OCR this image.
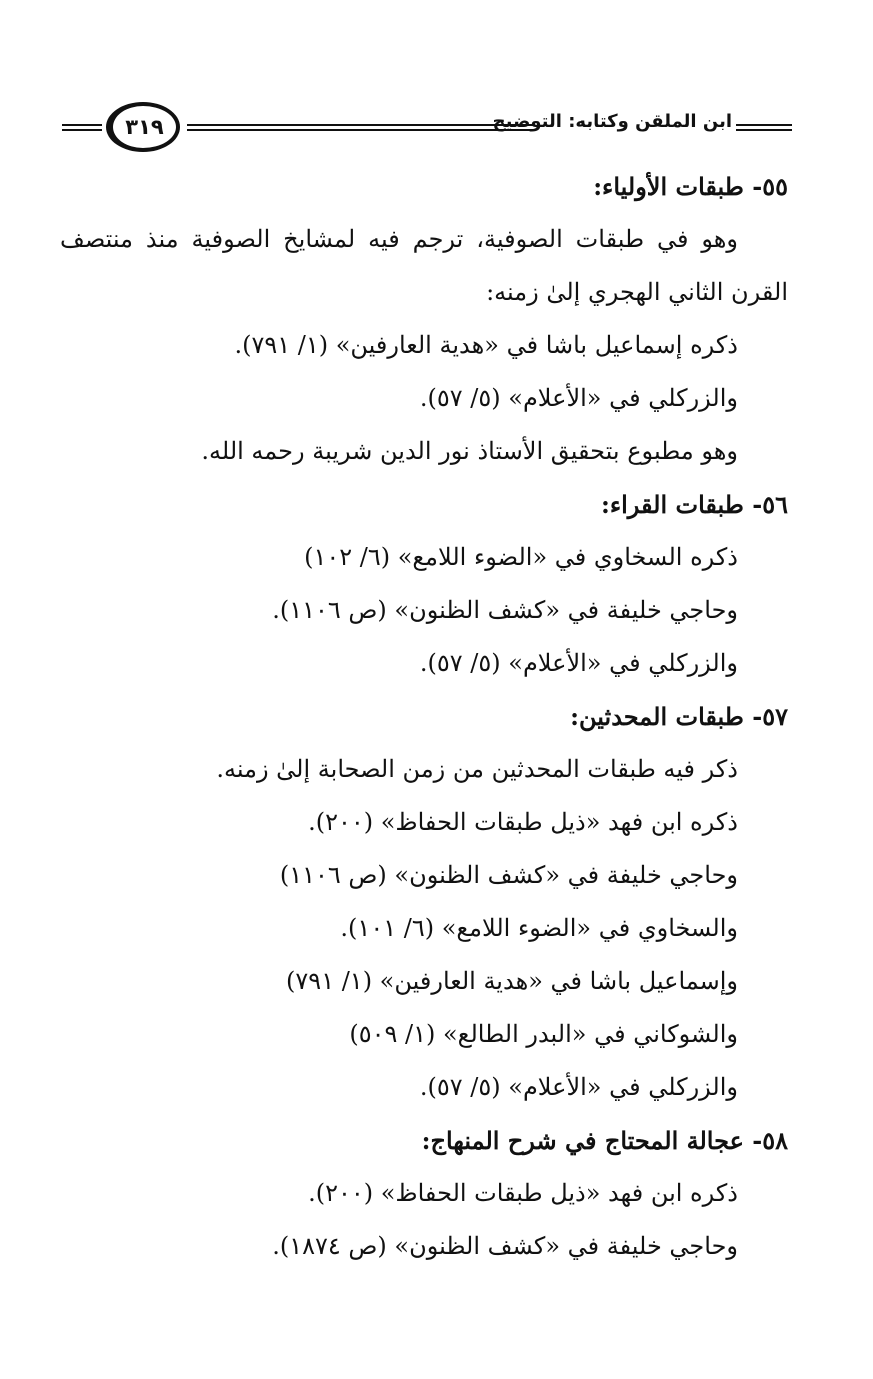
٣١٩	ابن الملقن وكتابه: التوضيح
٥٥- طبقات الأولياء:
وهو في طبقات الصوفية، ترجم فيه لمشايخ الصوفية منذ منتصف
القرن الثاني الهجري إلىٰ زمنه:
ذكره إسماعيل باشا في «هدية العارفين» (١/ ٧٩١).
والزركلي في «الأعلام» (٥/ ٥٧).
وهو مطبوع بتحقيق الأستاذ نور الدين شريبة رحمه الله.
٥٦- طبقات القراء:
ذكره السخاوي في «الضوء اللامع» (٦/ ١٠٢)
وحاجي خليفة في «كشف الظنون» (ص ١١٠٦).
والزركلي في «الأعلام» (٥/ ٥٧).
٥٧- طبقات المحدثين:
ذكر فيه طبقات المحدثين من زمن الصحابة إلىٰ زمنه.
ذكره ابن فهد «ذيل طبقات الحفاظ» (٢٠٠).
وحاجي خليفة في «كشف الظنون» (ص ١١٠٦)
والسخاوي في «الضوء اللامع» (٦/ ١٠١).
وإسماعيل باشا في «هدية العارفين» (١/ ٧٩١)
والشوكاني في «البدر الطالع» (١/ ٥٠٩)
والزركلي في «الأعلام» (٥/ ٥٧).
٥٨- عجالة المحتاج في شرح المنهاج:
ذكره ابن فهد «ذيل طبقات الحفاظ» (٢٠٠).
وحاجي خليفة في «كشف الظنون» (ص ١٨٧٤).
